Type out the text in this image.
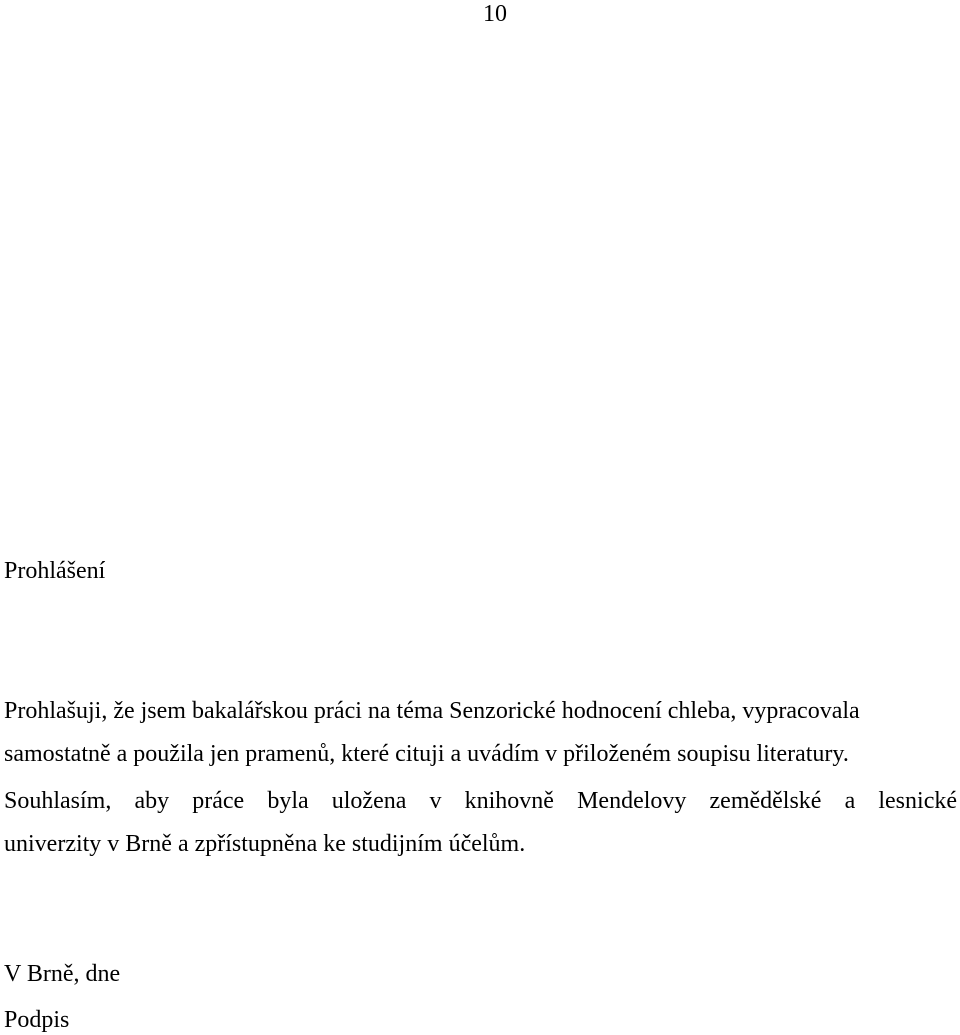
10
Prohlášení
Prohlašuji, že jsem bakalářskou práci na téma Senzorické hodnocení chleba, vypracovala
samostatně a použila jen pramenů, které cituji a uvádím v přiloženém soupisu literatury.
Souhlasím, aby práce byla uložena v knihovně Mendelovy zemědělské a lesnické
univerzity v Brně a zpřístupněna ke studijním účelům.
V Brně, dne
Podpis
